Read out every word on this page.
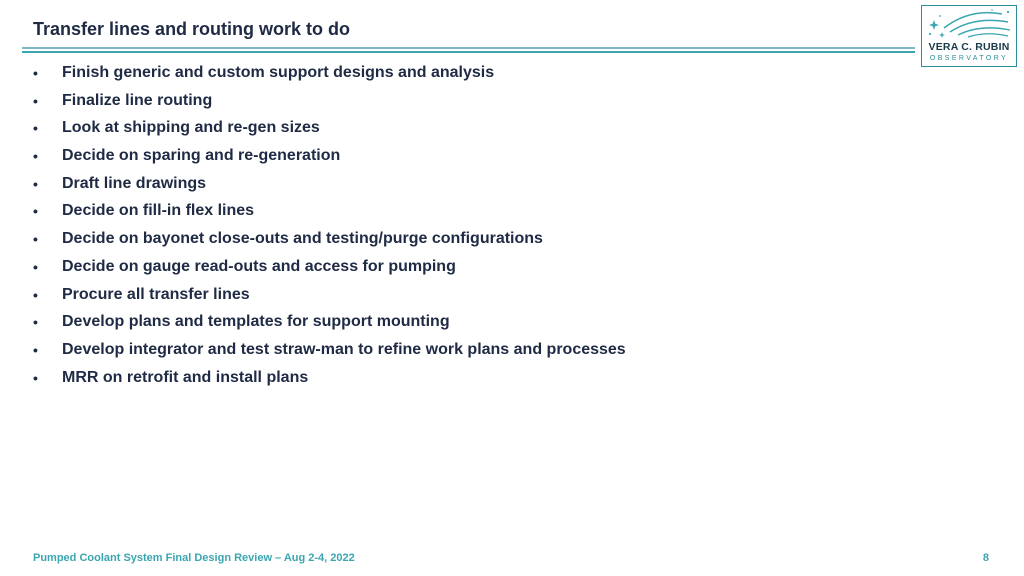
Transfer lines and routing work to do
VERA C. RUBIN
OBSERVATORY
• Finish generic and custom support designs and analysis
• Finalize line routing
• Look at shipping and re-gen sizes
• Decide on sparing and re-generation
• Draft line drawings
• Decide on fill-in flex lines
• Decide on bayonet close-outs and testing/purge configurations
• Decide on gauge read-outs and access for pumping
• Procure all transfer lines
• Develop plans and templates for support mounting
• Develop integrator and test straw-man to refine work plans and processes
• MRR on retrofit and install plans
Pumped Coolant System Final Design Review – Aug 2-4, 2022	8
